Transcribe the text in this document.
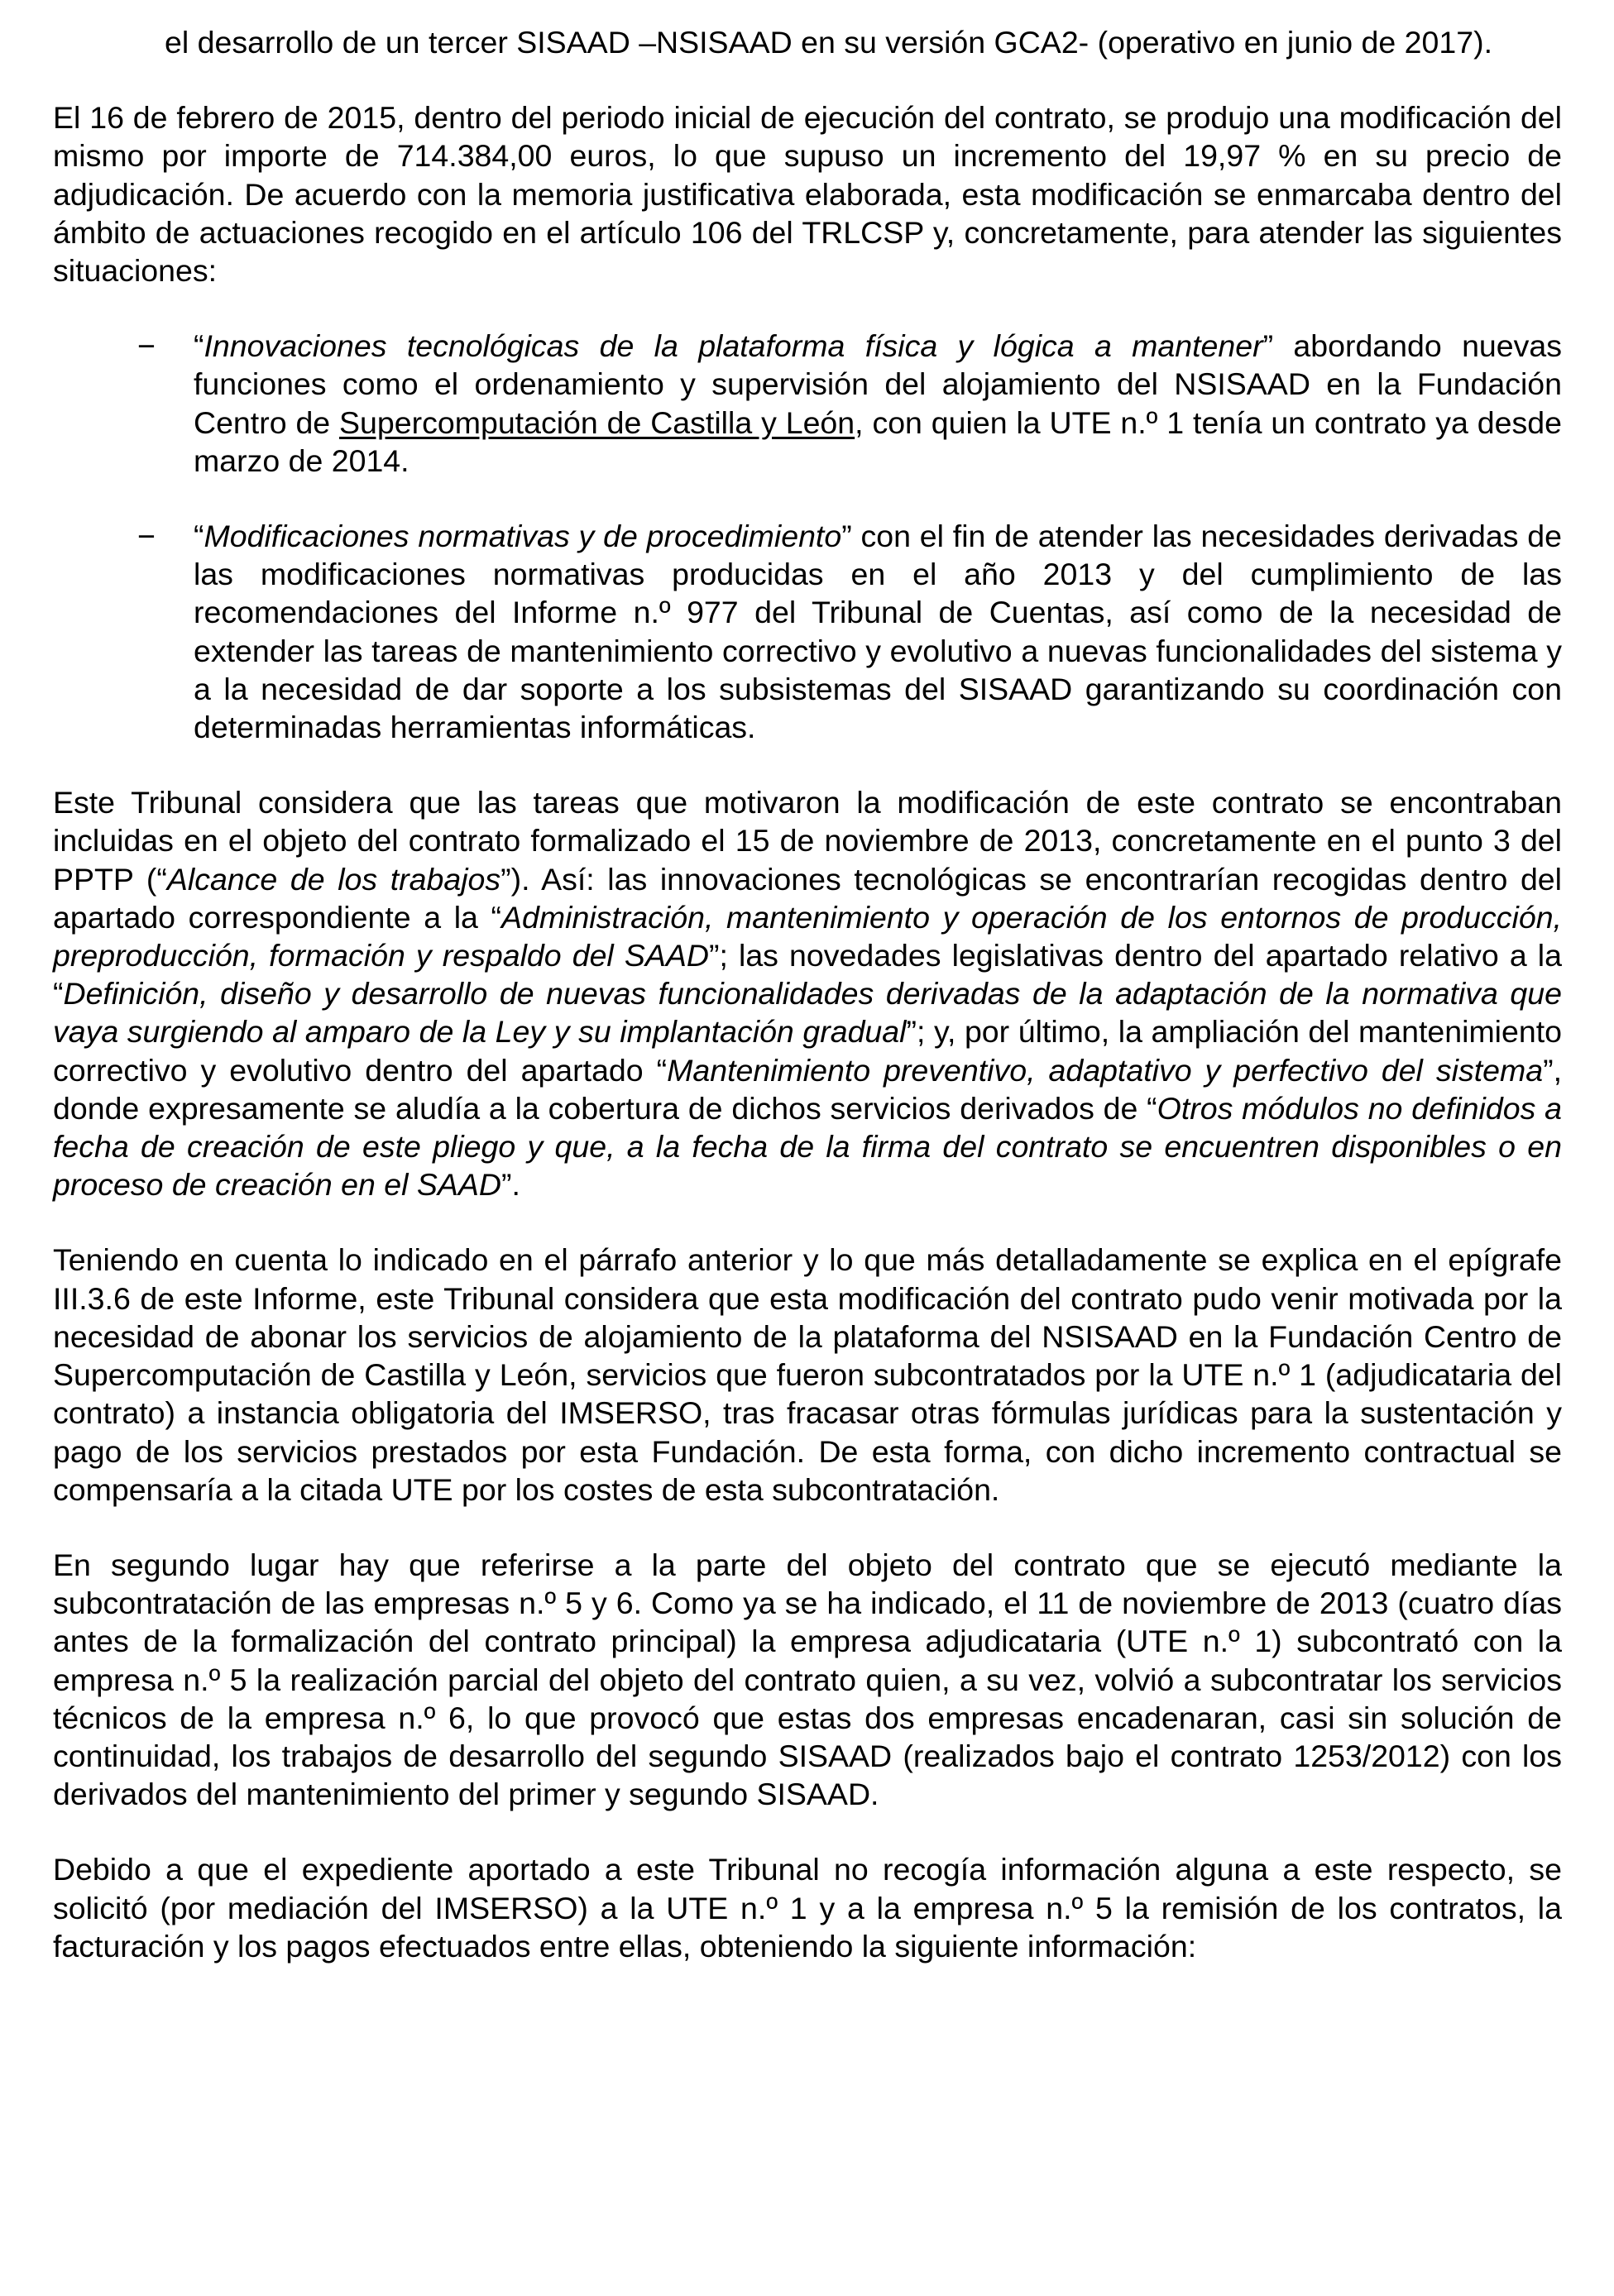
el desarrollo de un tercer SISAAD –NSISAAD en su versión GCA2- (operativo en junio de 2017).

El 16 de febrero de 2015, dentro del periodo inicial de ejecución del contrato, se produjo una modificación del mismo por importe de 714.384,00 euros, lo que supuso un incremento del 19,97 % en su precio de adjudicación. De acuerdo con la memoria justificativa elaborada, esta modificación se enmarcaba dentro del ámbito de actuaciones recogido en el artículo 106 del TRLCSP y, concretamente, para atender las siguientes situaciones:

−	“Innovaciones tecnológicas de la plataforma física y lógica a mantener” abordando nuevas funciones como el ordenamiento y supervisión del alojamiento del NSISAAD en la Fundación Centro de Supercomputación de Castilla y León, con quien la UTE n.º 1 tenía un contrato ya desde marzo de 2014.

−	“Modificaciones normativas y de procedimiento” con el fin de atender las necesidades derivadas de las modificaciones normativas producidas en el año 2013 y del cumplimiento de las recomendaciones del Informe n.º 977 del Tribunal de Cuentas, así como de la necesidad de extender las tareas de mantenimiento correctivo y evolutivo a nuevas funcionalidades del sistema y a la necesidad de dar soporte a los subsistemas del SISAAD garantizando su coordinación con determinadas herramientas informáticas.

Este Tribunal considera que las tareas que motivaron la modificación de este contrato se encontraban incluidas en el objeto del contrato formalizado el 15 de noviembre de 2013, concretamente en el punto 3 del PPTP (“Alcance de los trabajos”). Así: las innovaciones tecnológicas se encontrarían recogidas dentro del apartado correspondiente a la “Administración, mantenimiento y operación de los entornos de producción, preproducción, formación y respaldo del SAAD”; las novedades legislativas dentro del apartado relativo a la “Definición, diseño y desarrollo de nuevas funcionalidades derivadas de la adaptación de la normativa que vaya surgiendo al amparo de la Ley y su implantación gradual”; y, por último, la ampliación del mantenimiento correctivo y evolutivo dentro del apartado “Mantenimiento preventivo, adaptativo y perfectivo del sistema”, donde expresamente se aludía a la cobertura de dichos servicios derivados de “Otros módulos no definidos a fecha de creación de este pliego y que, a la fecha de la firma del contrato se encuentren disponibles o en proceso de creación en el SAAD”.

Teniendo en cuenta lo indicado en el párrafo anterior y lo que más detalladamente se explica en el epígrafe III.3.6 de este Informe, este Tribunal considera que esta modificación del contrato pudo venir motivada por la necesidad de abonar los servicios de alojamiento de la plataforma del NSISAAD en la Fundación Centro de Supercomputación de Castilla y León, servicios que fueron subcontratados por la UTE n.º 1 (adjudicataria del contrato) a instancia obligatoria del IMSERSO, tras fracasar otras fórmulas jurídicas para la sustentación y pago de los servicios prestados por esta Fundación. De esta forma, con dicho incremento contractual se compensaría a la citada UTE por los costes de esta subcontratación.

En segundo lugar hay que referirse a la parte del objeto del contrato que se ejecutó mediante la subcontratación de las empresas n.º 5 y 6. Como ya se ha indicado, el 11 de noviembre de 2013 (cuatro días antes de la formalización del contrato principal) la empresa adjudicataria (UTE n.º 1) subcontrató con la empresa n.º 5 la realización parcial del objeto del contrato quien, a su vez, volvió a subcontratar los servicios técnicos de la empresa n.º 6, lo que provocó que estas dos empresas encadenaran, casi sin solución de continuidad, los trabajos de desarrollo del segundo SISAAD (realizados bajo el contrato 1253/2012) con los derivados del mantenimiento del primer y segundo SISAAD.

Debido a que el expediente aportado a este Tribunal no recogía información alguna a este respecto, se solicitó (por mediación del IMSERSO) a la UTE n.º 1 y a la empresa n.º 5 la remisión de los contratos, la facturación y los pagos efectuados entre ellas, obteniendo la siguiente información:
